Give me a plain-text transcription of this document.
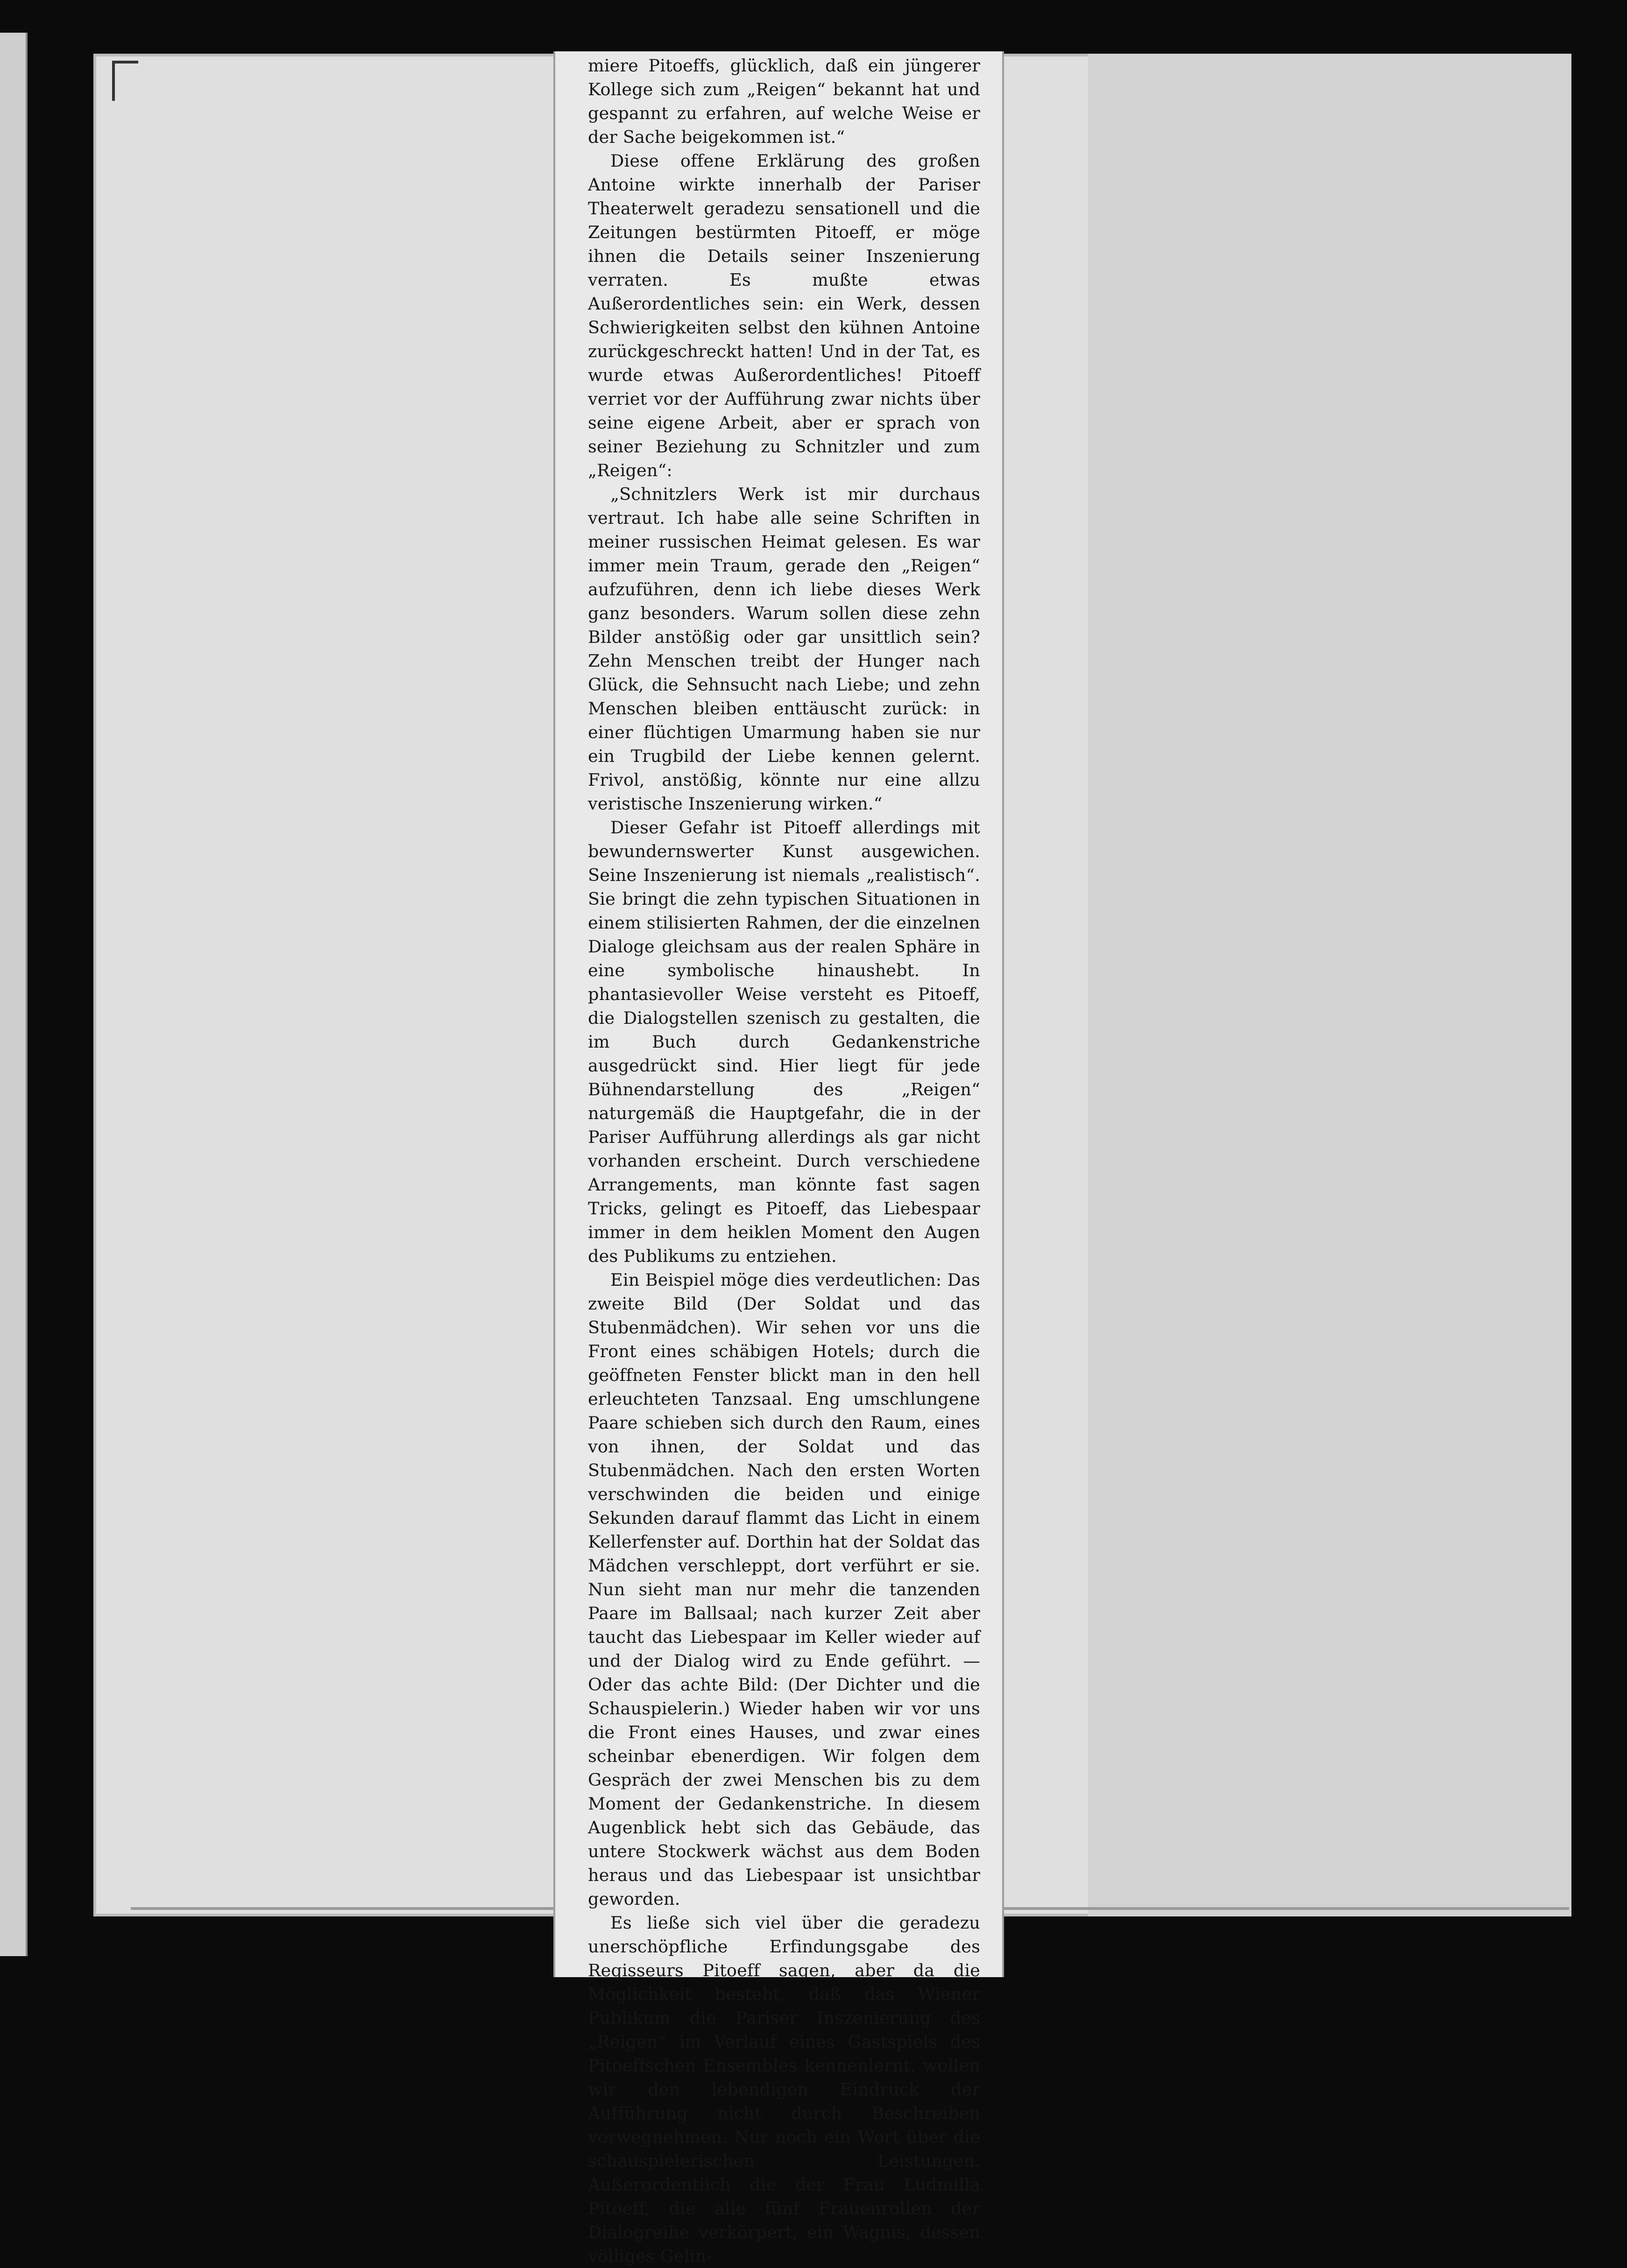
miere Pitoeffs, glücklich, daß ein jüngerer Kollege sich zum „Reigen“ bekannt hat und gespannt zu erfahren, auf welche Weise er der Sache beigekommen ist.“

Diese offene Erklärung des großen Antoine wirkte innerhalb der Pariser Theaterwelt geradezu sensationell und die Zeitungen bestürmten Pitoeff, er möge ihnen die Details seiner Inszenierung verraten. Es mußte etwas Außerordentliches sein: ein Werk, dessen Schwierigkeiten selbst den kühnen Antoine zurückgeschreckt hatten! Und in der Tat, es wurde etwas Außerordentliches! Pitoeff verriet vor der Aufführung zwar nichts über seine eigene Arbeit, aber er sprach von seiner Beziehung zu Schnitzler und zum „Reigen“:

„Schnitzlers Werk ist mir durchaus vertraut. Ich habe alle seine Schriften in meiner russischen Heimat gelesen. Es war immer mein Traum, gerade den „Reigen“ aufzuführen, denn ich liebe dieses Werk ganz besonders. Warum sollen diese zehn Bilder anstößig oder gar unsittlich sein? Zehn Menschen treibt der Hunger nach Glück, die Sehnsucht nach Liebe; und zehn Menschen bleiben enttäuscht zurück: in einer flüchtigen Umarmung haben sie nur ein Trugbild der Liebe kennen gelernt. Frivol, anstößig, könnte nur eine allzu veristische Inszenierung wirken.“

Dieser Gefahr ist Pitoeff allerdings mit bewundernswerter Kunst ausgewichen. Seine Inszenierung ist niemals „realistisch“. Sie bringt die zehn typischen Situationen in einem stilisierten Rahmen, der die einzelnen Dialoge gleichsam aus der realen Sphäre in eine symbolische hinaushebt. In phantasievoller Weise versteht es Pitoeff, die Dialogstellen szenisch zu gestalten, die im Buch durch Gedankenstriche ausgedrückt sind. Hier liegt für jede Bühnendarstellung des „Reigen“ naturgemäß die Hauptgefahr, die in der Pariser Aufführung allerdings als gar nicht vorhanden erscheint. Durch verschiedene Arrangements, man könnte fast sagen Tricks, gelingt es Pitoeff, das Liebespaar immer in dem heiklen Moment den Augen des Publikums zu entziehen.

Ein Beispiel möge dies verdeutlichen: Das zweite Bild (Der Soldat und das Stubenmädchen). Wir sehen vor uns die Front eines schäbigen Hotels; durch die geöffneten Fenster blickt man in den hell erleuchteten Tanzsaal. Eng umschlungene Paare schieben sich durch den Raum, eines von ihnen, der Soldat und das Stubenmädchen. Nach den ersten Worten verschwinden die beiden und einige Sekunden darauf flammt das Licht in einem Kellerfenster auf. Dorthin hat der Soldat das Mädchen verschleppt, dort verführt er sie. Nun sieht man nur mehr die tanzenden Paare im Ballsaal; nach kurzer Zeit aber taucht das Liebespaar im Keller wieder auf und der Dialog wird zu Ende geführt. — Oder das achte Bild: (Der Dichter und die Schauspielerin.) Wieder haben wir vor uns die Front eines Hauses, und zwar eines scheinbar ebenerdigen. Wir folgen dem Gespräch der zwei Menschen bis zu dem Moment der Gedankenstriche. In diesem Augenblick hebt sich das Gebäude, das untere Stockwerk wächst aus dem Boden heraus und das Liebespaar ist unsichtbar geworden.

Es ließe sich viel über die geradezu unerschöpfliche Erfindungsgabe des Regisseurs Pitoeff sagen, aber da die Möglichkeit besteht, daß das Wiener Publikum die Pariser Inszenierung des „Reigen“ im Verlauf eines Gastspiels des Pitoeffschen Ensembles kennenlernt, wollen wir den lebendigen Eindruck der Aufführung nicht durch Beschreiben vorwegnehmen. Nur noch ein Wort über die schauspielerischen Leistungen. Außerordentlich die der Frau Ludmilla Pitoeff, die alle fünf Frauenrollen der Dialogreihe verkörpert, ein Wagnis, dessen völliges Gelin-
